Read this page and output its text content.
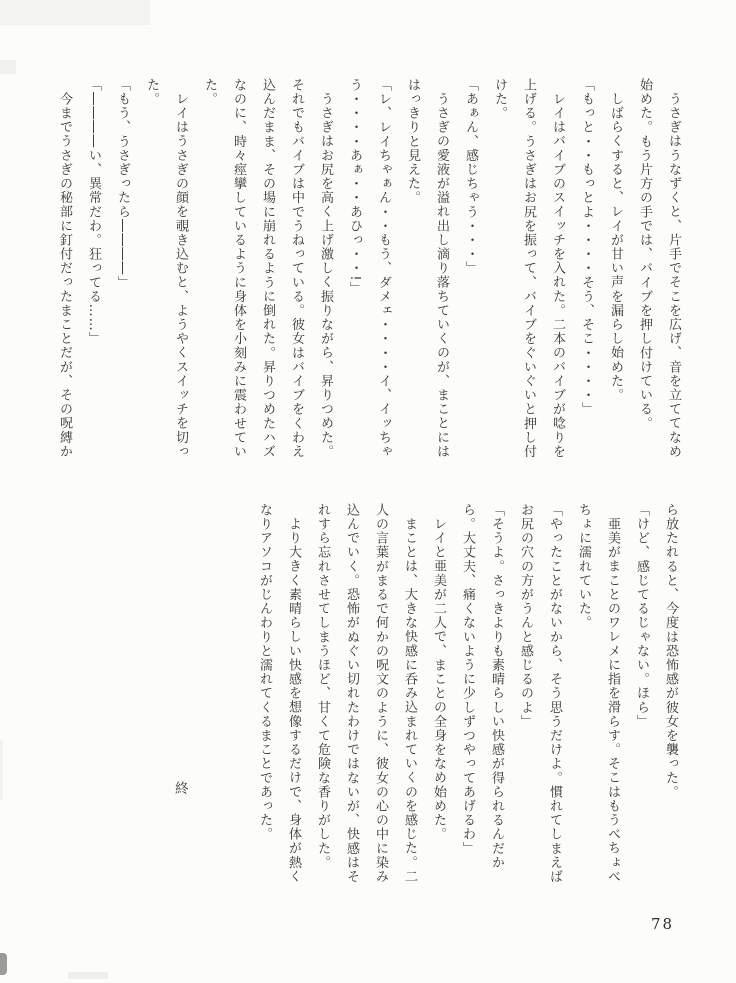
うさぎはうなずくと、片手でそこを広げ、音を立ててなめ
始めた。もう片方の手では、バイブを押し付けている。
しばらくすると、レイが甘い声を漏らし始めた。
「もっと・・もっとよ・・・・そう、そこ・・・・」
レイはバイブのスイッチを入れた。二本のバイブが唸りを
上げる。うさぎはお尻を振って、バイブをぐいぐいと押し付
けた。
「あぁん、感じちゃう・・・」
うさぎの愛液が溢れ出し滴り落ちていくのが、まことには
はっきりと見えた。
「レ、レイちゃぁん・・もう、ダメェ・・・・イ、イッちゃ
う・・・・あぁ・・あひっ・・!」
うさぎはお尻を高く上げ激しく振りながら、昇りつめた。
それでもバイブは中でうねっている。彼女はバイブをくわえ
込んだまま、その場に崩れるように倒れた。昇りつめたハズ
なのに、時々痙攣しているように身体を小刻みに震わせてい
た。
レイはうさぎの顔を覗き込むと、ようやくスイッチを切っ
た。
「もう、うさぎったら――――」
「――――い、異常だわ。狂ってる……」
今までうさぎの秘部に釘付だったまことだが、その呪縛か
ら放たれると、今度は恐怖感が彼女を襲った。
「けど、感じてるじゃない。ほら」
亜美がまことのワレメに指を滑らす。そこはもうべちょべ
ちょに濡れていた。
「やったことがないから、そう思うだけよ。慣れてしまえば
お尻の穴の方がうんと感じるのよ」
「そうよ。さっきよりも素晴らしい快感が得られるんだか
ら。大丈夫、痛くないように少しずつやってあげるわ」
レイと亜美が二人で、まことの全身をなめ始めた。
まことは、大きな快感に呑み込まれていくのを感じた。二
人の言葉がまるで何かの呪文のように、彼女の心の中に染み
込んでいく。恐怖がぬぐい切れたわけではないが、快感はそ
れすら忘れさせてしまうほど、甘くて危険な香りがした。
より大きく素晴らしい快感を想像するだけで、身体が熱く
なりアソコがじんわりと濡れてくるまことであった。
終
78
